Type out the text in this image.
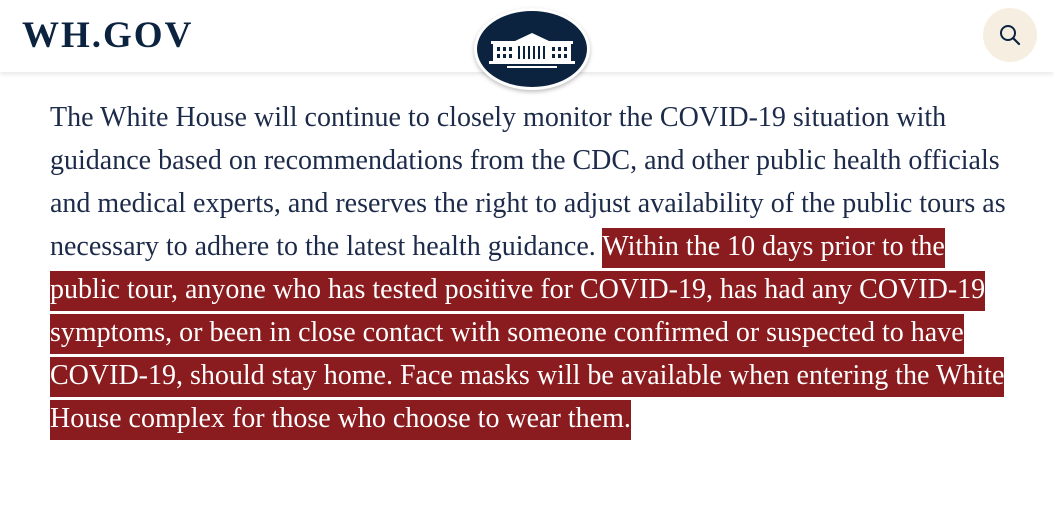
WH.GOV

The White House will continue to closely monitor the COVID-19 situation with guidance based on recommendations from the CDC, and other public health officials and medical experts, and reserves the right to adjust availability of the public tours as necessary to adhere to the latest health guidance. Within the 10 days prior to the public tour, anyone who has tested positive for COVID-19, has had any COVID-19 symptoms, or been in close contact with someone confirmed or suspected to have COVID-19, should stay home. Face masks will be available when entering the White House complex for those who choose to wear them.
